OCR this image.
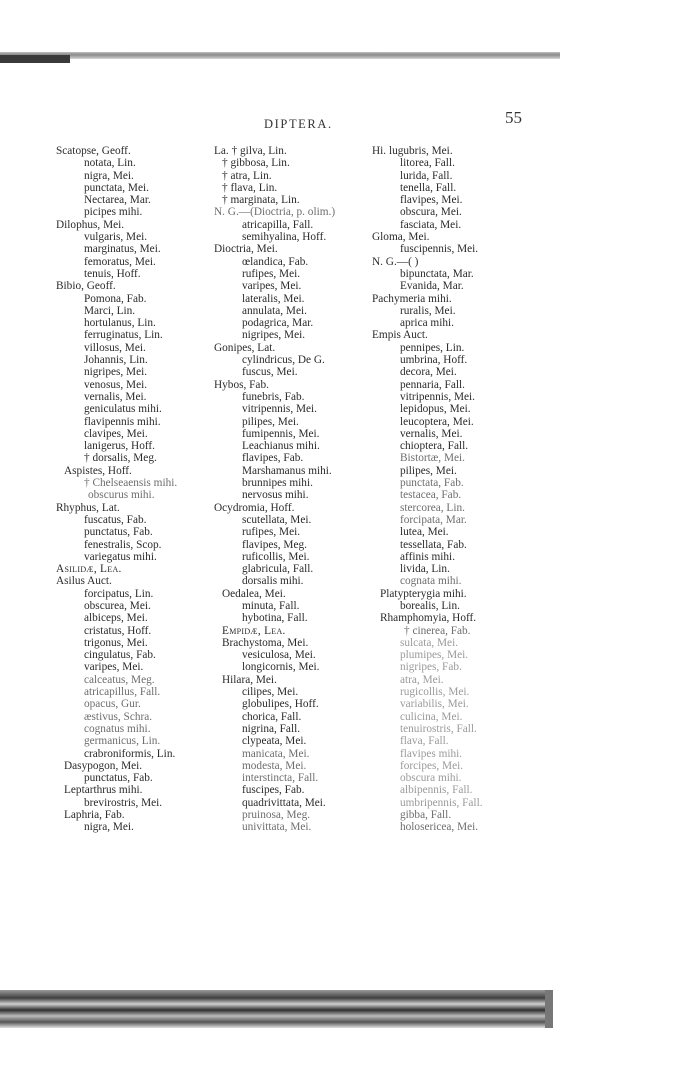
DIPTERA.	55
Scatopse, Geoff.
notata, Lin.
nigra, Mei.
punctata, Mei.
Nectarea, Mar.
picipes mihi.
Dilophus, Mei.
vulgaris, Mei.
marginatus, Mei.
femoratus, Mei.
tenuis, Hoff.
Bibio, Geoff.
Pomona, Fab.
Marci, Lin.
hortulanus, Lin.
ferruginatus, Lin.
villosus, Mei.
Johannis, Lin.
nigripes, Mei.
venosus, Mei.
vernalis, Mei.
geniculatus mihi.
flavipennis mihi.
clavipes, Mei.
lanigerus, Hoff.
† dorsalis, Meg.
Aspistes, Hoff.
† Chelseaensis mihi.
obscurus mihi.
Rhyphus, Lat.
fuscatus, Fab.
punctatus, Fab.
fenestralis, Scop.
variegatus mihi.
Asilidæ, Lea.
Asilus Auct.
forcipatus, Lin.
obscurea, Mei.
albiceps, Mei.
cristatus, Hoff.
trigonus, Mei.
cingulatus, Fab.
varipes, Mei.
calceatus, Meg.
atricapillus, Fall.
opacus, Gur.
æstivus, Schra.
cognatus mihi.
germanicus, Lin.
crabroniformis, Lin.
Dasypogon, Mei.
punctatus, Fab.
Leptarthrus mihi.
brevirostris, Mei.
Laphria, Fab.
nigra, Mei.
La. † gilva, Lin.
† gibbosa, Lin.
† atra, Lin.
† flava, Lin.
† marginata, Lin.
N. G.—(Dioctria, p. olim.)
atricapilla, Fall.
semihyalina, Hoff.
Dioctria, Mei.
œlandica, Fab.
rufipes, Mei.
varipes, Mei.
lateralis, Mei.
annulata, Mei.
podagrica, Mar.
nigripes, Mei.
Gonipes, Lat.
cylindricus, De G.
fuscus, Mei.
Hybos, Fab.
funebris, Fab.
vitripennis, Mei.
pilipes, Mei.
fumipennis, Mei.
Leachianus mihi.
flavipes, Fab.
Marshamanus mihi.
brunnipes mihi.
nervosus mihi.
Ocydromia, Hoff.
scutellata, Mei.
rufipes, Mei.
flavipes, Meg.
ruficollis, Mei.
glabricula, Fall.
dorsalis mihi.
Oedalea, Mei.
minuta, Fall.
hybotina, Fall.
Empidæ, Lea.
Brachystoma, Mei.
vesiculosa, Mei.
longicornis, Mei.
Hilara, Mei.
cilipes, Mei.
globulipes, Hoff.
chorica, Fall.
nigrina, Fall.
clypeata, Mei.
manicata, Mei.
modesta, Mei.
interstincta, Fall.
fuscipes, Fab.
quadrivittata, Mei.
pruinosa, Meg.
univittata, Mei.
Hi. lugubris, Mei.
litorea, Fall.
lurida, Fall.
tenella, Fall.
flavipes, Mei.
obscura, Mei.
fasciata, Mei.
Gloma, Mei.
fuscipennis, Mei.
N. G.—( )
bipunctata, Mar.
Evanida, Mar.
Pachymeria mihi.
ruralis, Mei.
aprica mihi.
Empis Auct.
pennipes, Lin.
umbrina, Hoff.
decora, Mei.
pennaria, Fall.
vitripennis, Mei.
lepidopus, Mei.
leucoptera, Mei.
vernalis, Mei.
chioptera, Fall.
Bistortæ, Mei.
pilipes, Mei.
punctata, Fab.
testacea, Fab.
stercorea, Lin.
forcipata, Mar.
lutea, Mei.
tessellata, Fab.
affinis mihi.
livida, Lin.
cognata mihi.
Platypterygia mihi.
borealis, Lin.
Rhamphomyia, Hoff.
† cinerea, Fab.
sulcata, Mei.
plumipes, Mei.
nigripes, Fab.
atra, Mei.
rugicollis, Mei.
variabilis, Mei.
culicina, Mei.
tenuirostris, Fall.
flava, Fall.
flavipes mihi.
forcipes, Mei.
obscura mihi.
albipennis, Fall.
umbripennis, Fall.
gibba, Fall.
holosericea, Mei.
